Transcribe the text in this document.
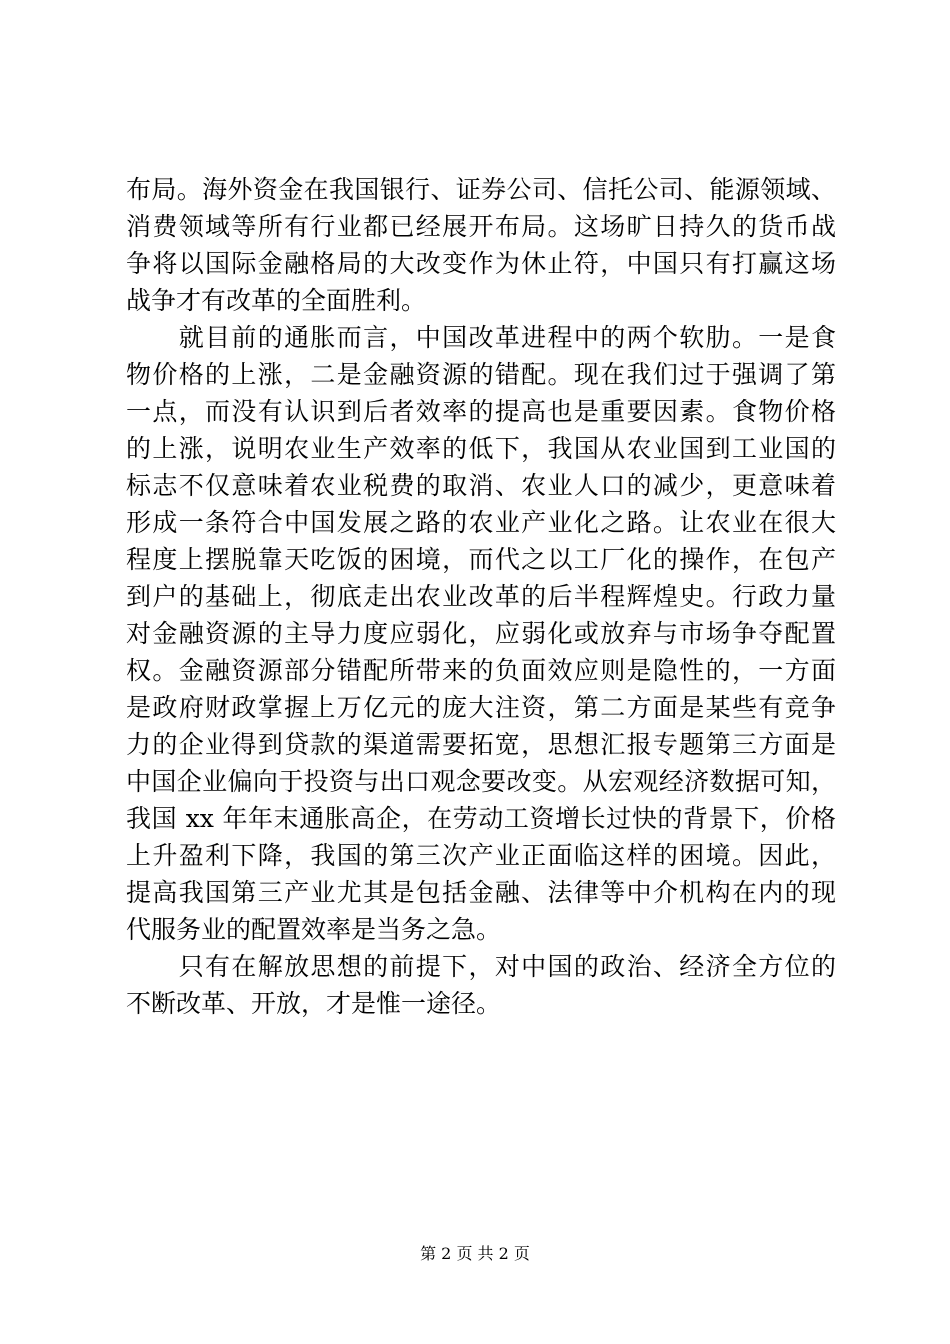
布局。海外资金在我国银行、证券公司、信托公司、能源领域、
消费领域等所有行业都已经展开布局。这场旷日持久的货币战
争将以国际金融格局的大改变作为休止符，中国只有打赢这场
战争才有改革的全面胜利。
　　就目前的通胀而言，中国改革进程中的两个软肋。一是食
物价格的上涨，二是金融资源的错配。现在我们过于强调了第
一点，而没有认识到后者效率的提高也是重要因素。食物价格
的上涨，说明农业生产效率的低下，我国从农业国到工业国的
标志不仅意味着农业税费的取消、农业人口的减少，更意味着
形成一条符合中国发展之路的农业产业化之路。让农业在很大
程度上摆脱靠天吃饭的困境，而代之以工厂化的操作，在包产
到户的基础上，彻底走出农业改革的后半程辉煌史。行政力量
对金融资源的主导力度应弱化，应弱化或放弃与市场争夺配置
权。金融资源部分错配所带来的负面效应则是隐性的，一方面
是政府财政掌握上万亿元的庞大注资，第二方面是某些有竞争
力的企业得到贷款的渠道需要拓宽，思想汇报专题第三方面是
中国企业偏向于投资与出口观念要改变。从宏观经济数据可知，
我国 xx 年年末通胀高企，在劳动工资增长过快的背景下，价格
上升盈利下降，我国的第三次产业正面临这样的困境。因此，
提高我国第三产业尤其是包括金融、法律等中介机构在内的现
代服务业的配置效率是当务之急。
　　只有在解放思想的前提下，对中国的政治、经济全方位的
不断改革、开放，才是惟一途径。
第 2 页 共 2 页
